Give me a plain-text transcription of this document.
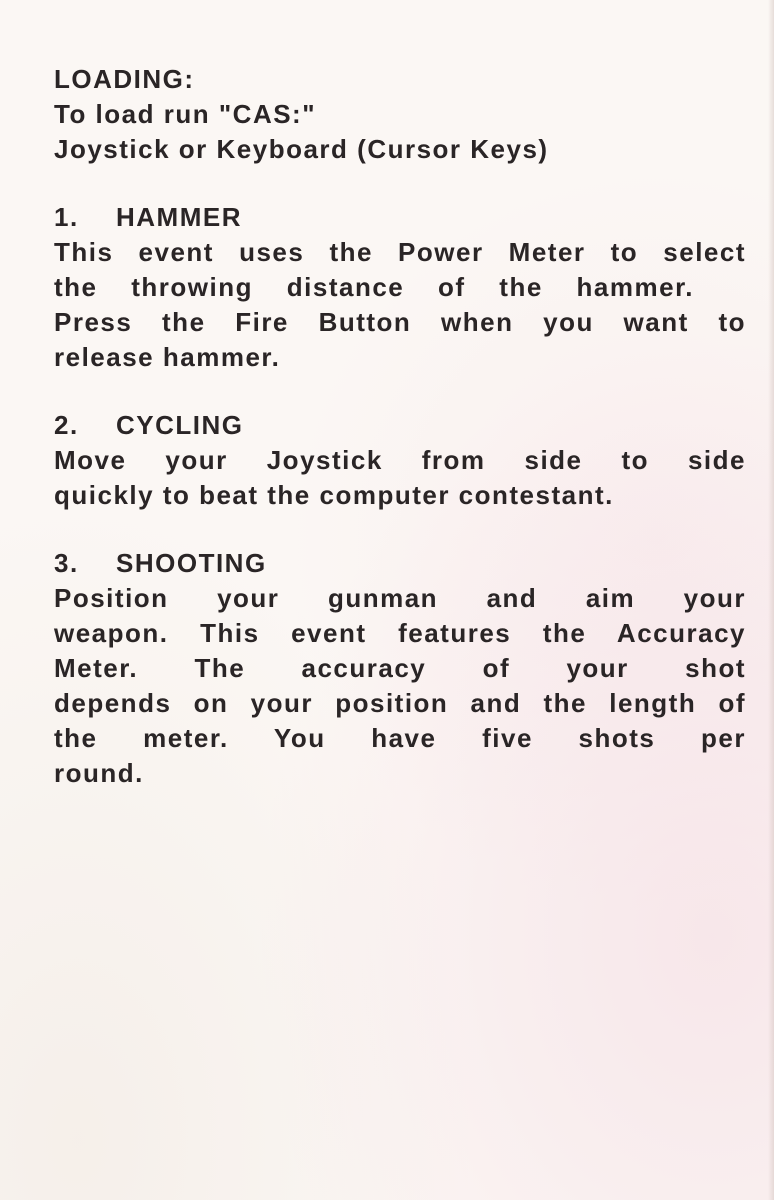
LOADING:
To load run "CAS:"
Joystick or Keyboard (Cursor Keys)
1. HAMMER
This event uses the Power Meter to select
the throwing distance of the hammer.
Press the Fire Button when you want to
release hammer.
2. CYCLING
Move your Joystick from side to side
quickly to beat the computer contestant.
3. SHOOTING
Position your gunman and aim your
weapon. This event features the Accuracy
Meter. The accuracy of your shot
depends on your position and the length of
the meter. You have five shots per
round.
